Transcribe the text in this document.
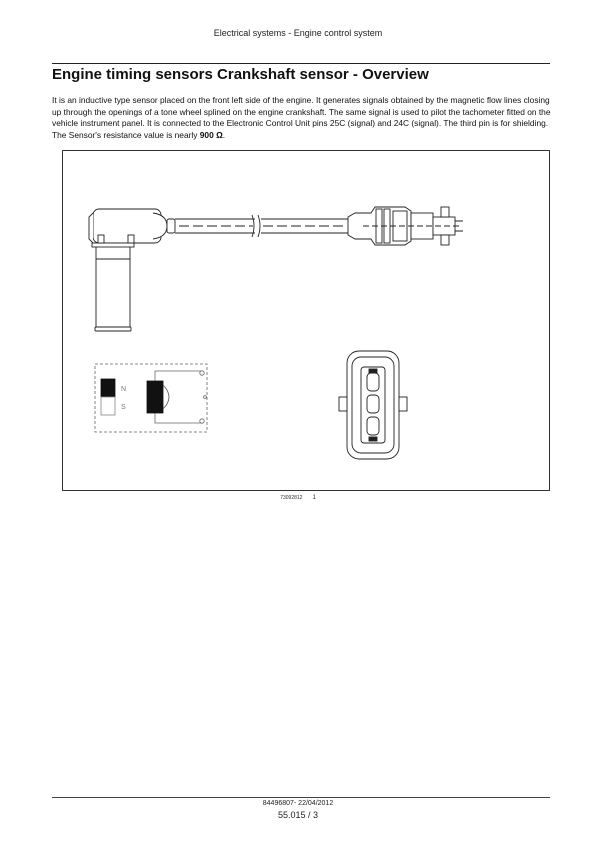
Electrical systems - Engine control system
Engine timing sensors Crankshaft sensor - Overview

It is an inductive type sensor placed on the front left side of the engine. It generates signals obtained by the magnetic flow lines closing up through the openings of a tone wheel splined on the engine crankshaft. The same signal is used to pilot the tachometer fitted on the vehicle instrument panel. It is connected to the Electronic Control Unit pins 25C (signal) and 24C (signal). The third pin is for shielding. The Sensor's resistance value is nearly 900 Ω.

N
S
73092812 1
84496807- 22/04/2012
55.015 / 3
